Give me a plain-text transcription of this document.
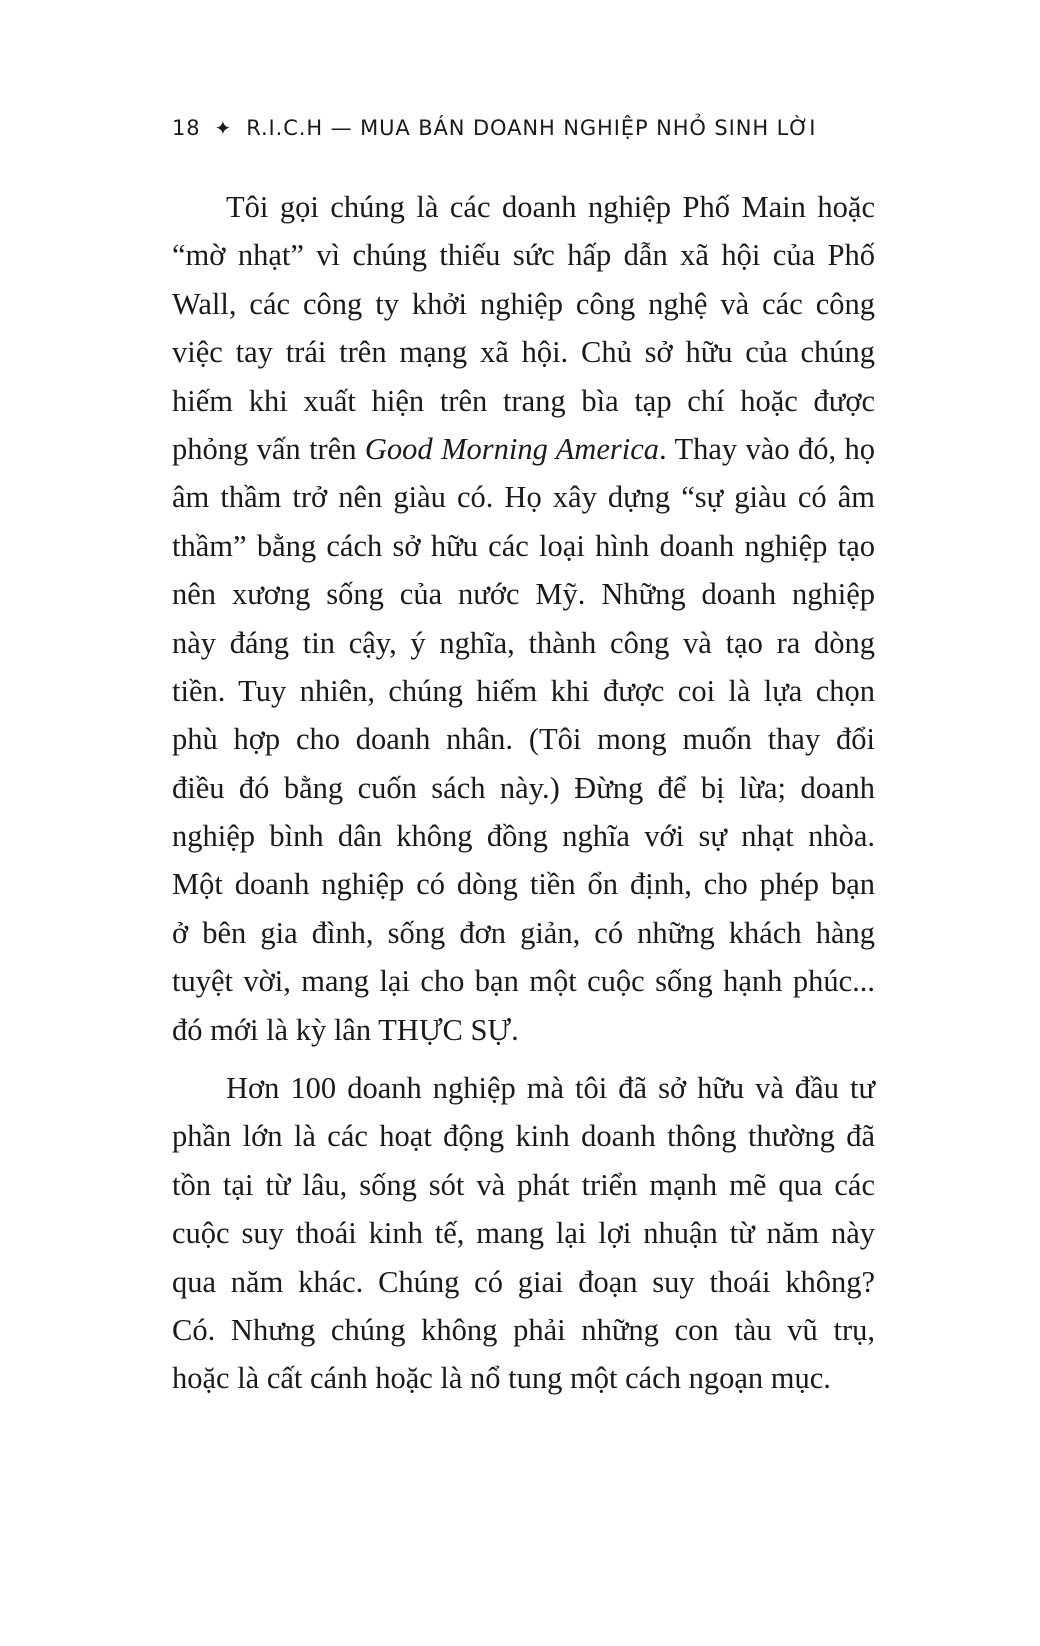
18 ✦ R.I.C.H — MUA BÁN DOANH NGHIỆP NHỎ SINH LỜI
Tôi gọi chúng là các doanh nghiệp Phố Main hoặc
“mờ nhạt” vì chúng thiếu sức hấp dẫn xã hội của Phố
Wall, các công ty khởi nghiệp công nghệ và các công
việc tay trái trên mạng xã hội. Chủ sở hữu của chúng
hiếm khi xuất hiện trên trang bìa tạp chí hoặc được
phỏng vấn trên Good Morning America. Thay vào đó, họ
âm thầm trở nên giàu có. Họ xây dựng “sự giàu có âm
thầm” bằng cách sở hữu các loại hình doanh nghiệp tạo
nên xương sống của nước Mỹ. Những doanh nghiệp
này đáng tin cậy, ý nghĩa, thành công và tạo ra dòng
tiền. Tuy nhiên, chúng hiếm khi được coi là lựa chọn
phù hợp cho doanh nhân. (Tôi mong muốn thay đổi
điều đó bằng cuốn sách này.) Đừng để bị lừa; doanh
nghiệp bình dân không đồng nghĩa với sự nhạt nhòa.
Một doanh nghiệp có dòng tiền ổn định, cho phép bạn
ở bên gia đình, sống đơn giản, có những khách hàng
tuyệt vời, mang lại cho bạn một cuộc sống hạnh phúc...
đó mới là kỳ lân THỰC SỰ.
Hơn 100 doanh nghiệp mà tôi đã sở hữu và đầu tư
phần lớn là các hoạt động kinh doanh thông thường đã
tồn tại từ lâu, sống sót và phát triển mạnh mẽ qua các
cuộc suy thoái kinh tế, mang lại lợi nhuận từ năm này
qua năm khác. Chúng có giai đoạn suy thoái không?
Có. Nhưng chúng không phải những con tàu vũ trụ,
hoặc là cất cánh hoặc là nổ tung một cách ngoạn mục.
